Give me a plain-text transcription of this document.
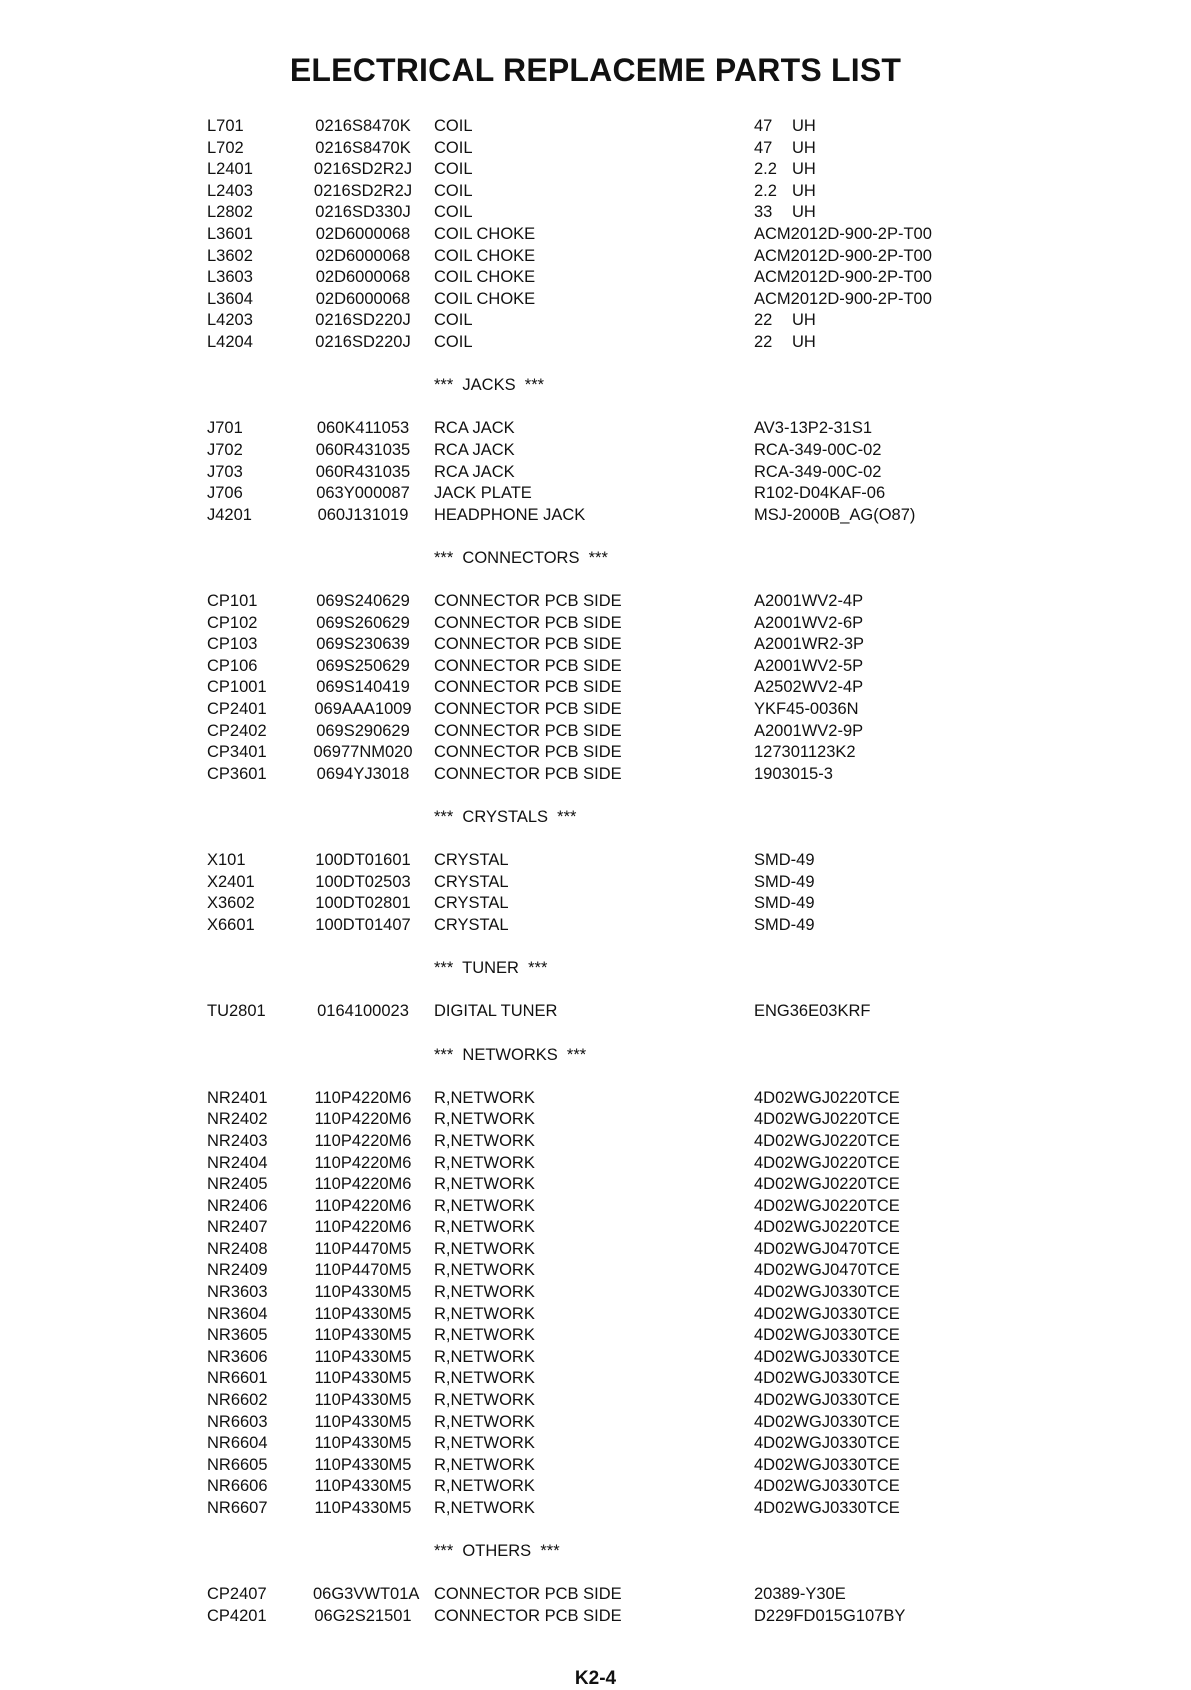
ELECTRICAL REPLACEME PARTS LIST
L701	0216S8470K COIL	47 UH
L702	0216S8470K COIL	47 UH
L2401	0216SD2R2J COIL	2.2 UH
L2403	0216SD2R2J COIL	2.2 UH
L2802	0216SD330J COIL	33 UH
L3601	02D6000068 COIL CHOKE	ACM2012D-900-2P-T00
L3602	02D6000068 COIL CHOKE	ACM2012D-900-2P-T00
L3603	02D6000068 COIL CHOKE	ACM2012D-900-2P-T00
L3604	02D6000068 COIL CHOKE	ACM2012D-900-2P-T00
L4203	0216SD220J COIL	22 UH
L4204	0216SD220J COIL	22 UH
***  JACKS  ***
J701	060K411053 RCA JACK	AV3-13P2-31S1
J702	060R431035 RCA JACK	RCA-349-00C-02
J703	060R431035 RCA JACK	RCA-349-00C-02
J706	063Y000087 JACK PLATE	R102-D04KAF-06
J4201	060J131019 HEADPHONE JACK	MSJ-2000B_AG(O87)
***  CONNECTORS  ***
CP101	069S240629 CONNECTOR PCB SIDE	A2001WV2-4P
CP102	069S260629 CONNECTOR PCB SIDE	A2001WV2-6P
CP103	069S230639 CONNECTOR PCB SIDE	A2001WR2-3P
CP106	069S250629 CONNECTOR PCB SIDE	A2001WV2-5P
CP1001	069S140419 CONNECTOR PCB SIDE	A2502WV2-4P
CP2401	069AAA1009 CONNECTOR PCB SIDE	YKF45-0036N
CP2402	069S290629 CONNECTOR PCB SIDE	A2001WV2-9P
CP3401	06977NM020 CONNECTOR PCB SIDE	127301123K2
CP3601	0694YJ3018 CONNECTOR PCB SIDE	1903015-3
***  CRYSTALS  ***
X101	100DT01601 CRYSTAL	SMD-49
X2401	100DT02503 CRYSTAL	SMD-49
X3602	100DT02801 CRYSTAL	SMD-49
X6601	100DT01407 CRYSTAL	SMD-49
***  TUNER  ***
TU2801	0164100023 DIGITAL TUNER	ENG36E03KRF
***  NETWORKS  ***
NR2401	110P4220M6 R,NETWORK	4D02WGJ0220TCE
NR2402	110P4220M6 R,NETWORK	4D02WGJ0220TCE
NR2403	110P4220M6 R,NETWORK	4D02WGJ0220TCE
NR2404	110P4220M6 R,NETWORK	4D02WGJ0220TCE
NR2405	110P4220M6 R,NETWORK	4D02WGJ0220TCE
NR2406	110P4220M6 R,NETWORK	4D02WGJ0220TCE
NR2407	110P4220M6 R,NETWORK	4D02WGJ0220TCE
NR2408	110P4470M5 R,NETWORK	4D02WGJ0470TCE
NR2409	110P4470M5 R,NETWORK	4D02WGJ0470TCE
NR3603	110P4330M5 R,NETWORK	4D02WGJ0330TCE
NR3604	110P4330M5 R,NETWORK	4D02WGJ0330TCE
NR3605	110P4330M5 R,NETWORK	4D02WGJ0330TCE
NR3606	110P4330M5 R,NETWORK	4D02WGJ0330TCE
NR6601	110P4330M5 R,NETWORK	4D02WGJ0330TCE
NR6602	110P4330M5 R,NETWORK	4D02WGJ0330TCE
NR6603	110P4330M5 R,NETWORK	4D02WGJ0330TCE
NR6604	110P4330M5 R,NETWORK	4D02WGJ0330TCE
NR6605	110P4330M5 R,NETWORK	4D02WGJ0330TCE
NR6606	110P4330M5 R,NETWORK	4D02WGJ0330TCE
NR6607	110P4330M5 R,NETWORK	4D02WGJ0330TCE
***  OTHERS  ***
CP2407	06G3VWT01A CONNECTOR PCB SIDE	20389-Y30E
CP4201	06G2S21501 CONNECTOR PCB SIDE	D229FD015G107BY
K2-4
